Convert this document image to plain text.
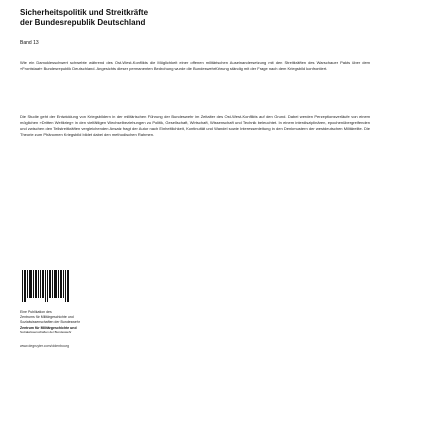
Sicherheitspolitik und Streitkräfte
der Bundesrepublik Deutschland
Band 13
Wie ein Damoklesschwert schwebte während des Ost-West-Konflikts die Möglichkeit einer offenen militärischen Auseinandersetzung mit den Streitkräften des Warschauer Pakts über dem »Frontstaat« Bundesrepublik Deutschland. Angesichts dieser permanenten Bedrohung wurde die Bundeswehrführung ständig mit der Frage nach dem Kriegsbild konfrontiert.
Die Studie geht der Entwicklung von Kriegsbildern in der militärischen Führung der Bundeswehr im Zeitalter des Ost-West-Konflikts auf den Grund. Dabei werden Perzeptionsverläufe von einem möglichen »Dritten Weltkrieg« in den vielfältigen Wechselbeziehungen zu Politik, Gesellschaft, Wirtschaft, Wissenschaft und Technik beleuchtet. In einem interdisziplinären, epochenübergreifenden und zwischen den Teilstreitkräften vergleichenden Ansatz fragt der Autor nach Einheitlichkeit, Kontinuität und Wandel sowie Interessenleitung in den Denkmustern der westdeutschen Militärelite. Die Theorie zum Phänomen Kriegsbild bildet dabei den methodischen Rahmen.
Eine Publikation des
Zentrums für Militärgeschichte und
Sozialwissenschaften der Bundeswehr
Zentrum für Militärgeschichte und
Sozialwissenschaften der Bundeswehr
www.degruyter.com/oldenbourg
